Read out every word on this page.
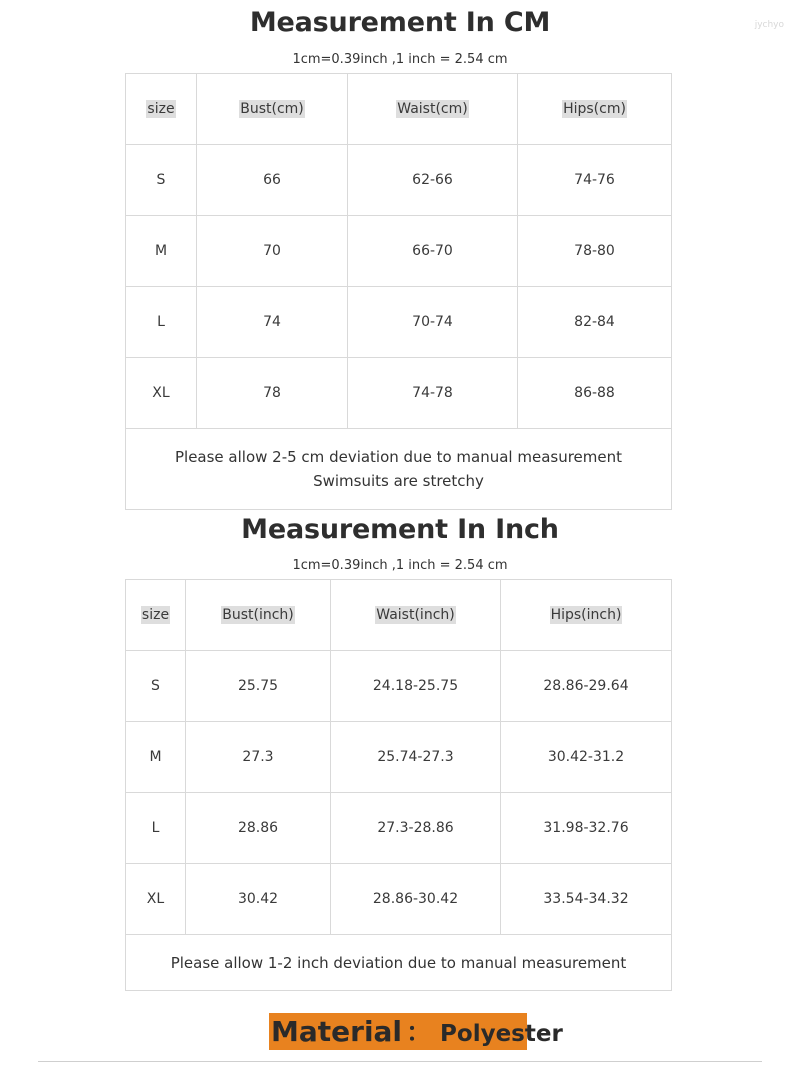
jychyo
Measurement In CM
1cm=0.39inch ,1 inch = 2.54 cm
size	Bust(cm)	Waist(cm)	Hips(cm)
S	66	62-66	74-76
M	70	66-70	78-80
L	74	70-74	82-84
XL	78	74-78	86-88

Please allow 2-5 cm deviation due to manual measurement
Swimsuits are stretchy			
Measurement In Inch
1cm=0.39inch ,1 inch = 2.54 cm
size	Bust(inch)	Waist(inch)	Hips(inch)
S	25.75	24.18-25.75	28.86-29.64
M	27.3	25.74-27.3	30.42-31.2
L	28.86	27.3-28.86	31.98-32.76
XL	30.42	28.86-30.42	33.54-34.32

Please allow 1-2 inch deviation due to manual measurement			
Material ： Polyester
